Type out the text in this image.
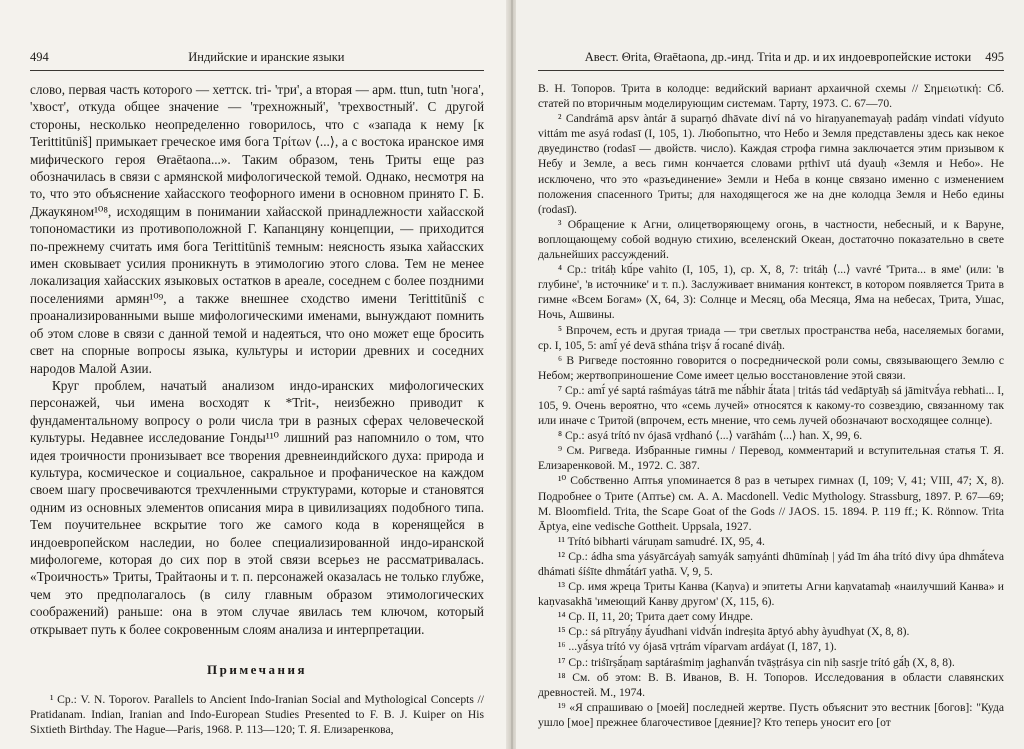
494	Индийские и иранские языки

слово, первая часть которого — хеттск. tri- 'три', а вторая — арм. ttun, tutn 'нога', 'хвост', откуда общее значение — 'трехножный', 'трехвостный'. С другой стороны, несколько неопределенно говорилось, что с «запада к нему [к Terittitūniš] примыкает греческое имя бога Τρίτων ⟨...⟩, а с востока иранское имя мифического героя Θraētaona...». Таким образом, тень Триты еще раз обозначилась в связи с армянской мифологической темой. Однако, несмотря на то, что это объяснение хайасского теофорного имени в основном принято Г. Б. Джаукяном¹⁰⁸, исходящим в понимании хайасской принадлежности хайасской топономастики из противоположной Г. Капанцяну концепции, — приходится по-прежнему считать имя бога Terittitūniš темным: неясность языка хайасских имен сковывает усилия проникнуть в этимологию этого слова. Тем не менее локализация хайасских языковых остатков в ареале, соседнем с более поздними поселениями армян¹⁰⁹, а также внешнее сходство имени Terittitūniš с проанализированными выше мифологическими именами, вынуждают помнить об этом слове в связи с данной темой и надеяться, что оно может еще бросить свет на спорные вопросы языка, культуры и истории древних и соседних народов Малой Азии.

Круг проблем, начатый анализом индо-иранских мифологических персонажей, чьи имена восходят к *Trit-, неизбежно приводит к фундаментальному вопросу о роли числа три в разных сферах человеческой культуры. Недавнее исследование Гонды¹¹⁰ лишний раз напомнило о том, что идея троичности пронизывает все творения древнеиндийского духа: природа и культура, космическое и социальное, сакральное и профаническое на каждом своем шагу просвечиваются трехчленными структурами, которые и становятся одним из основных элементов описания мира в цивилизациях подобного типа. Тем поучительнее вскрытие того же самого кода в коренящейся в индоевропейском наследии, но более специализированной индо-иранской мифологеме, которая до сих пор в этой связи всерьез не рассматривалась. «Троичность» Триты, Трайтаоны и т. п. персонажей оказалась не только глубже, чем это предполагалось (в силу главным образом этимологических соображений) раньше: она в этом случае явилась тем ключом, который открывает путь к более сокровенным слоям анализа и интерпретации.

Примечания

¹ Ср.: V. N. Toporov. Parallels to Ancient Indo-Iranian Social and Mythological Concepts // Pratidanam. Indian, Iranian and Indo-European Studies Presented to F. B. J. Kuiper on His Sixtieth Birthday. The Hague—Paris, 1968. P. 113—120; Т. Я. Елизаренкова,

Авест. Θrita, Θraētaona, др.-инд. Trita и др. и их индоевропейские истоки	495

В. Н. Топоров. Трита в колодце: ведийский вариант архаичной схемы // Σημειωτική: Сб. статей по вторичным моделирующим системам. Тарту, 1973. С. 67—70.

² Candrámā apsv àntár ā suparṇó dhāvate diví ná vo hiraṇyanemayaḥ padáṃ vindati vídyuto vittám me asyá rodasī (I, 105, 1). Любопытно, что Небо и Земля представлены здесь как некое двуединство (rodasī — двойств. число). Каждая строфа гимна заключается этим призывом к Небу и Земле, а весь гимн кончается словами pṛthivī utá dyauḥ «Земля и Небо». Не исключено, что это «разъединение» Земли и Неба в конце связано именно с изменением положения спасенного Триты; для находящегося же на дне колодца Земля и Небо едины (rodasī).

³ Обращение к Агни, олицетворяющему огонь, в частности, небесный, и к Варуне, воплощающему собой водную стихию, вселенский Океан, достаточно показательно в свете дальнейших рассуждений.

⁴ Ср.: tritáḥ kū́pe vahito (I, 105, 1), ср. X, 8, 7: tritáḥ ⟨...⟩ vavré 'Трита... в яме' (или: 'в глубине', 'в источнике' и т. п.). Заслуживает внимания контекст, в котором появляется Трита в гимне «Всем Богам» (X, 64, 3): Солнце и Месяц, оба Месяца, Яма на небесах, Трита, Ушас, Ночь, Ашвины.

⁵ Впрочем, есть и другая триада — три светлых пространства неба, населяемых богами, ср. I, 105, 5: amī́ yé devā sthána triṣv ā́ rocané diváḥ.

⁶ В Ригведе постоянно говорится о посреднической роли сомы, связывающего Землю с Небом; жертвоприношение Соме имеет целью восстановление этой связи.

⁷ Ср.: amī́ yé saptá raśmáyas tátrā me nā́bhir ā́tata | tritás tád vedāptyāḥ sá jāmitvā́ya rebhati... I, 105, 9. Очень вероятно, что «семь лучей» относятся к какому-то созвездию, связанному так или иначе с Тритой (впрочем, есть мнение, что семь лучей обозначают восходящее солнце).

⁸ Ср.: asyá trító nv ójasā vṛdhanó ⟨...⟩ varāhám ⟨...⟩ han. X, 99, 6.

⁹ См. Ригведа. Избранные гимны / Перевод, комментарий и вступительная статья Т. Я. Елизаренковой. М., 1972. С. 387.

¹⁰ Собственно Аптья упоминается 8 раз в четырех гимнах (I, 109; V, 41; VIII, 47; X, 8). Подробнее о Трите (Аптье) см. A. A. Macdonell. Vedic Mythology. Strassburg, 1897. P. 67—69; M. Bloomfield. Trita, the Scape Goat of the Gods // JAOS. 15. 1894. P. 119 ff.; K. Rönnow. Trita Āptya, eine vedische Gottheit. Uppsala, 1927.

¹¹ Trító bibharti váruṇam samudré. IX, 95, 4.

¹² Ср.: ádha sma yásyārcáyaḥ samyák saṃyánti dhūmínaḥ | yád īm áha trító divy úpa dhmā́teva dhámati śíśīte dhmā́tárī yathā. V, 9, 5.

¹³ Ср. имя жреца Триты Канва (Kaṇva) и эпитеты Агни kaṇvatamaḥ «наилучший Канва» и kaṇvasakhā 'имеющий Канву другом' (X, 115, 6).

¹⁴ Ср. II, 11, 20; Трита дает сому Индре.

¹⁵ Ср.: sá pītryā́ṇy ā́yudhani vidvā́n indreṣita āptyó abhy àyudhyat (X, 8, 8).

¹⁶ ...yā́sya trító vy ójasā vṛtrám víparvam ardáyat (I, 187, 1).

¹⁷ Ср.: triśīrṣā́ṇaṃ saptáraśmiṃ jaghanvā́n tvāṣṭrásya cin niḥ sasṛje trító gā́ḥ (X, 8, 8).

¹⁸ См. об этом: В. В. Иванов, В. Н. Топоров. Исследования в области славянских древностей. М., 1974.

¹⁹ «Я спрашиваю о [моей] последней жертве. Пусть объяснит это вестник [богов]: "Куда ушло [мое] прежнее благочестивое [деяние]? Кто теперь уносит его [от
